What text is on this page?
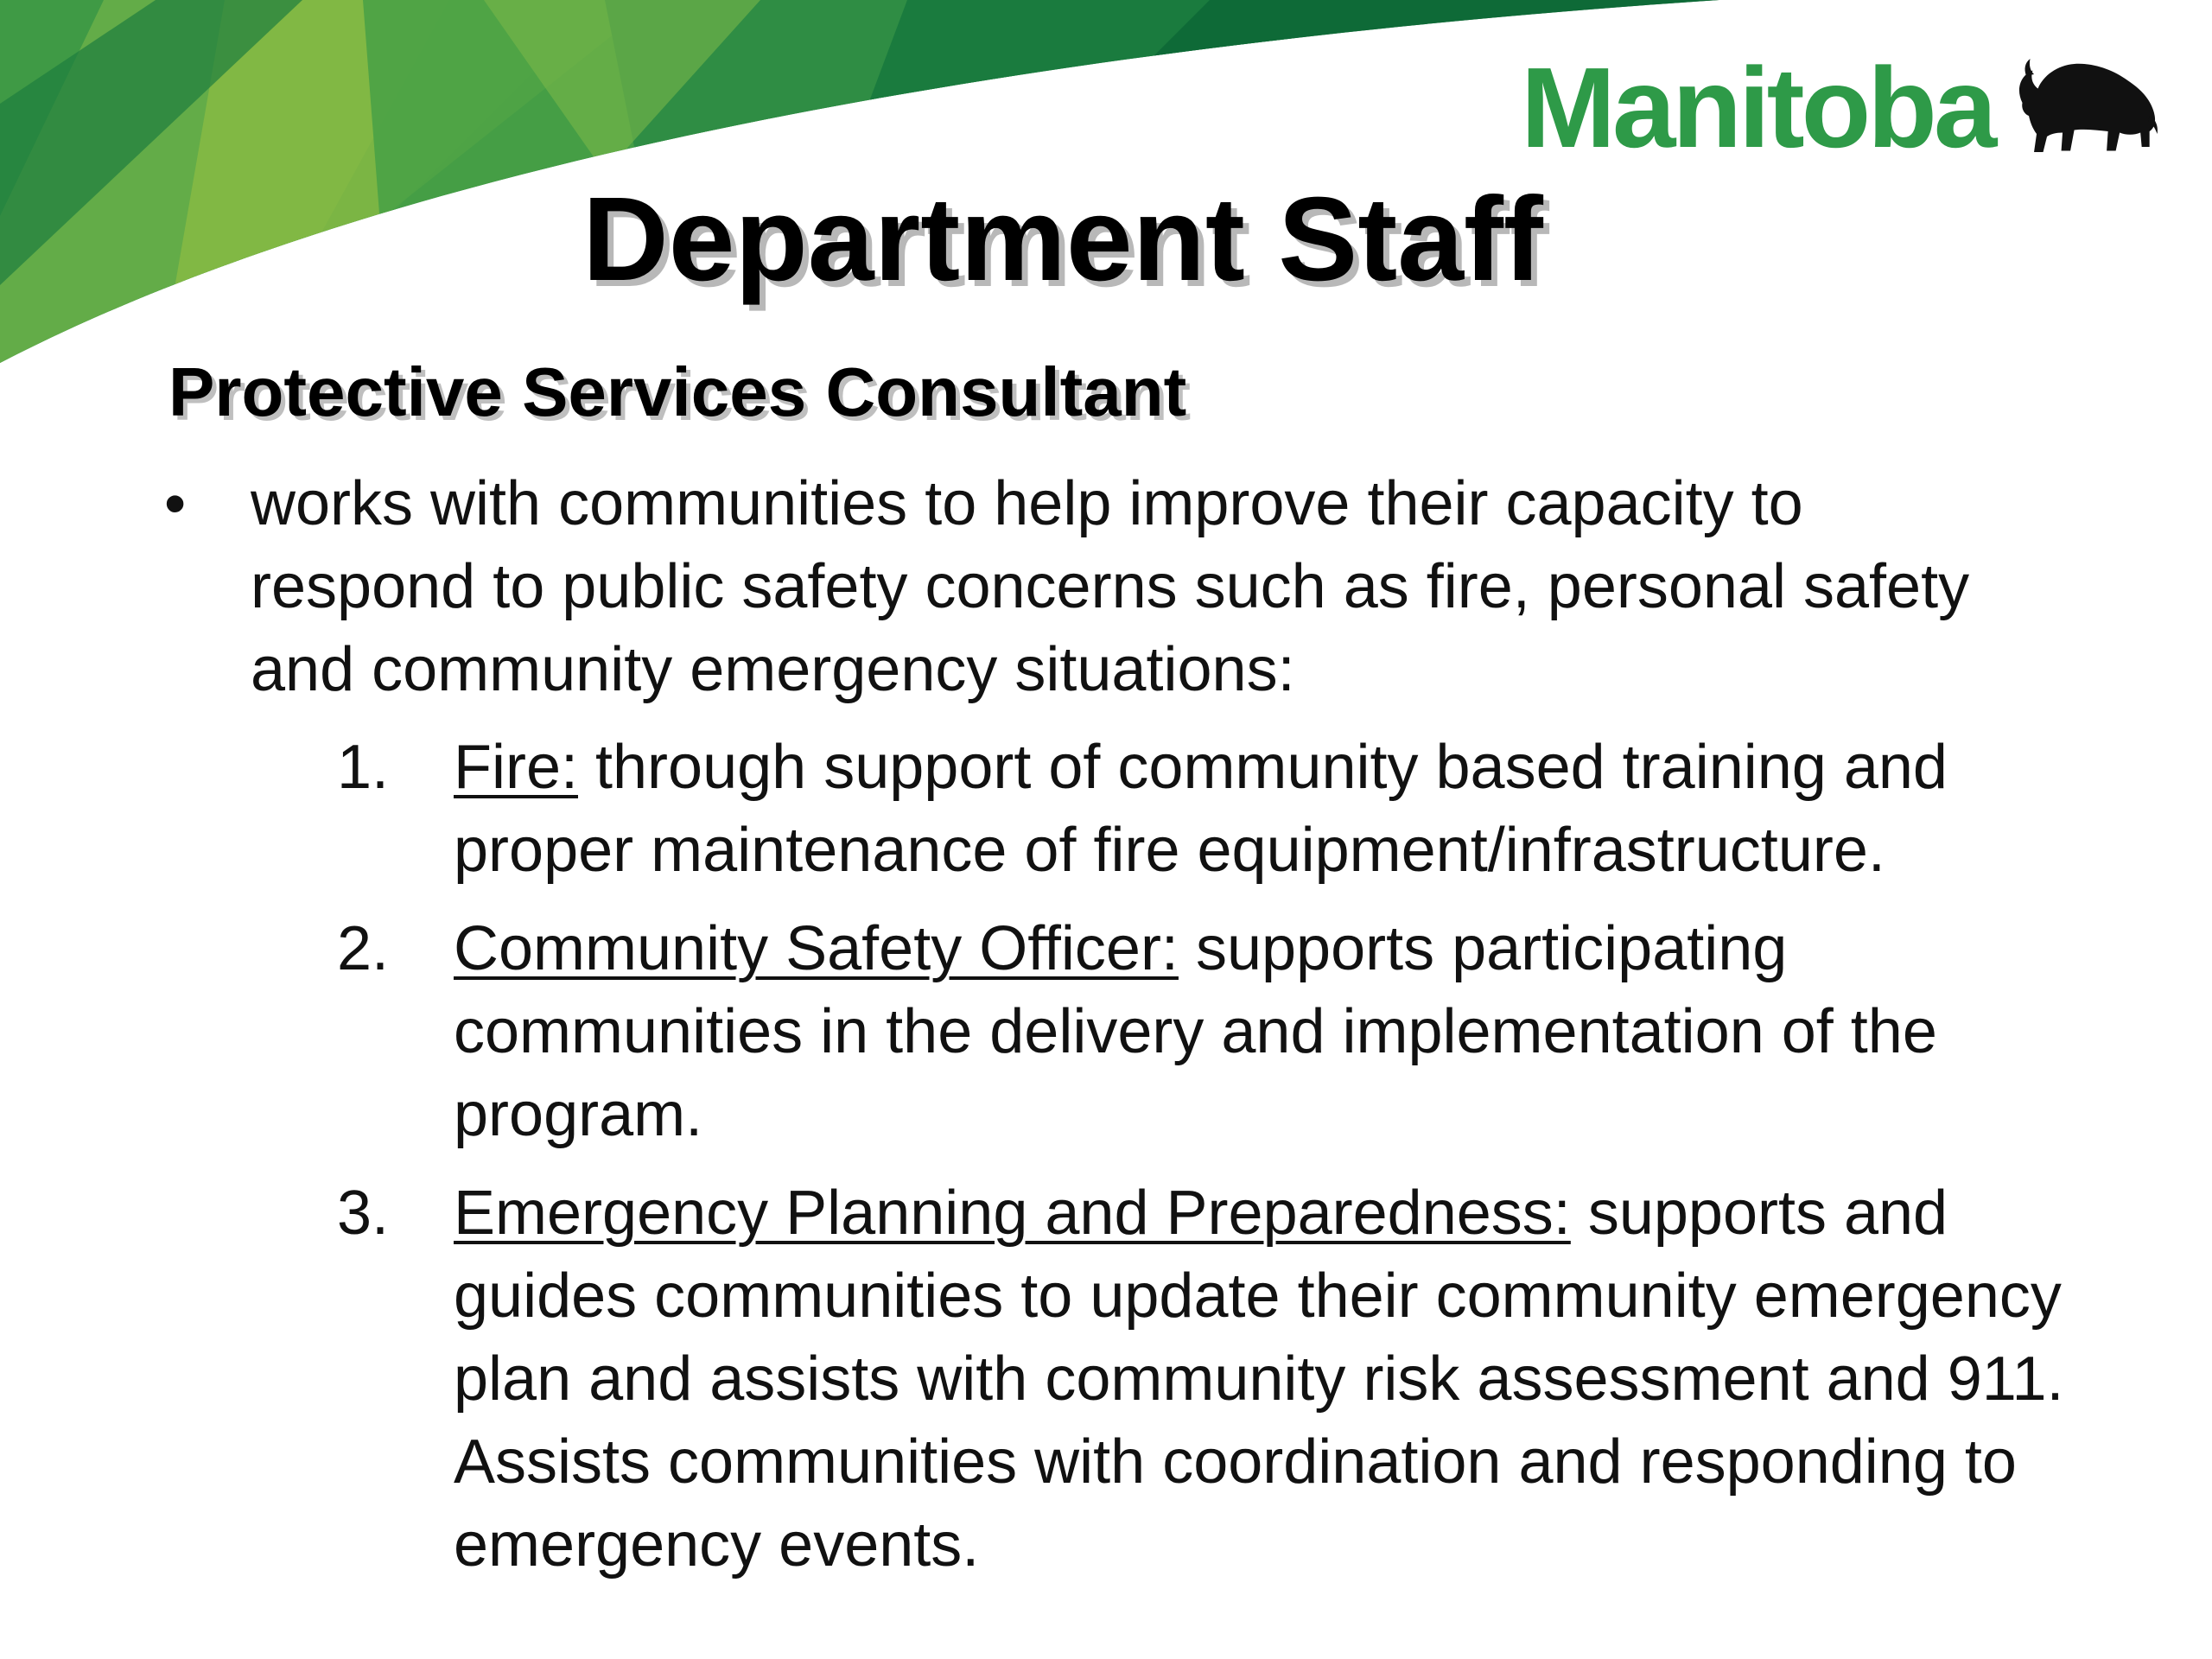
Manitoba
Department Staff
Protective Services Consultant
•	works with communities to help improve their capacity to respond to public safety concerns such as fire, personal safety and community emergency situations:
1.	Fire: through support of community based training and proper maintenance of fire equipment/infrastructure.
2.	Community Safety Officer: supports participating communities in the delivery and implementation of the program.
3.	Emergency Planning and Preparedness: supports and guides communities to update their community emergency plan and assists with community risk assessment and 911. Assists communities with coordination and responding to emergency events.
